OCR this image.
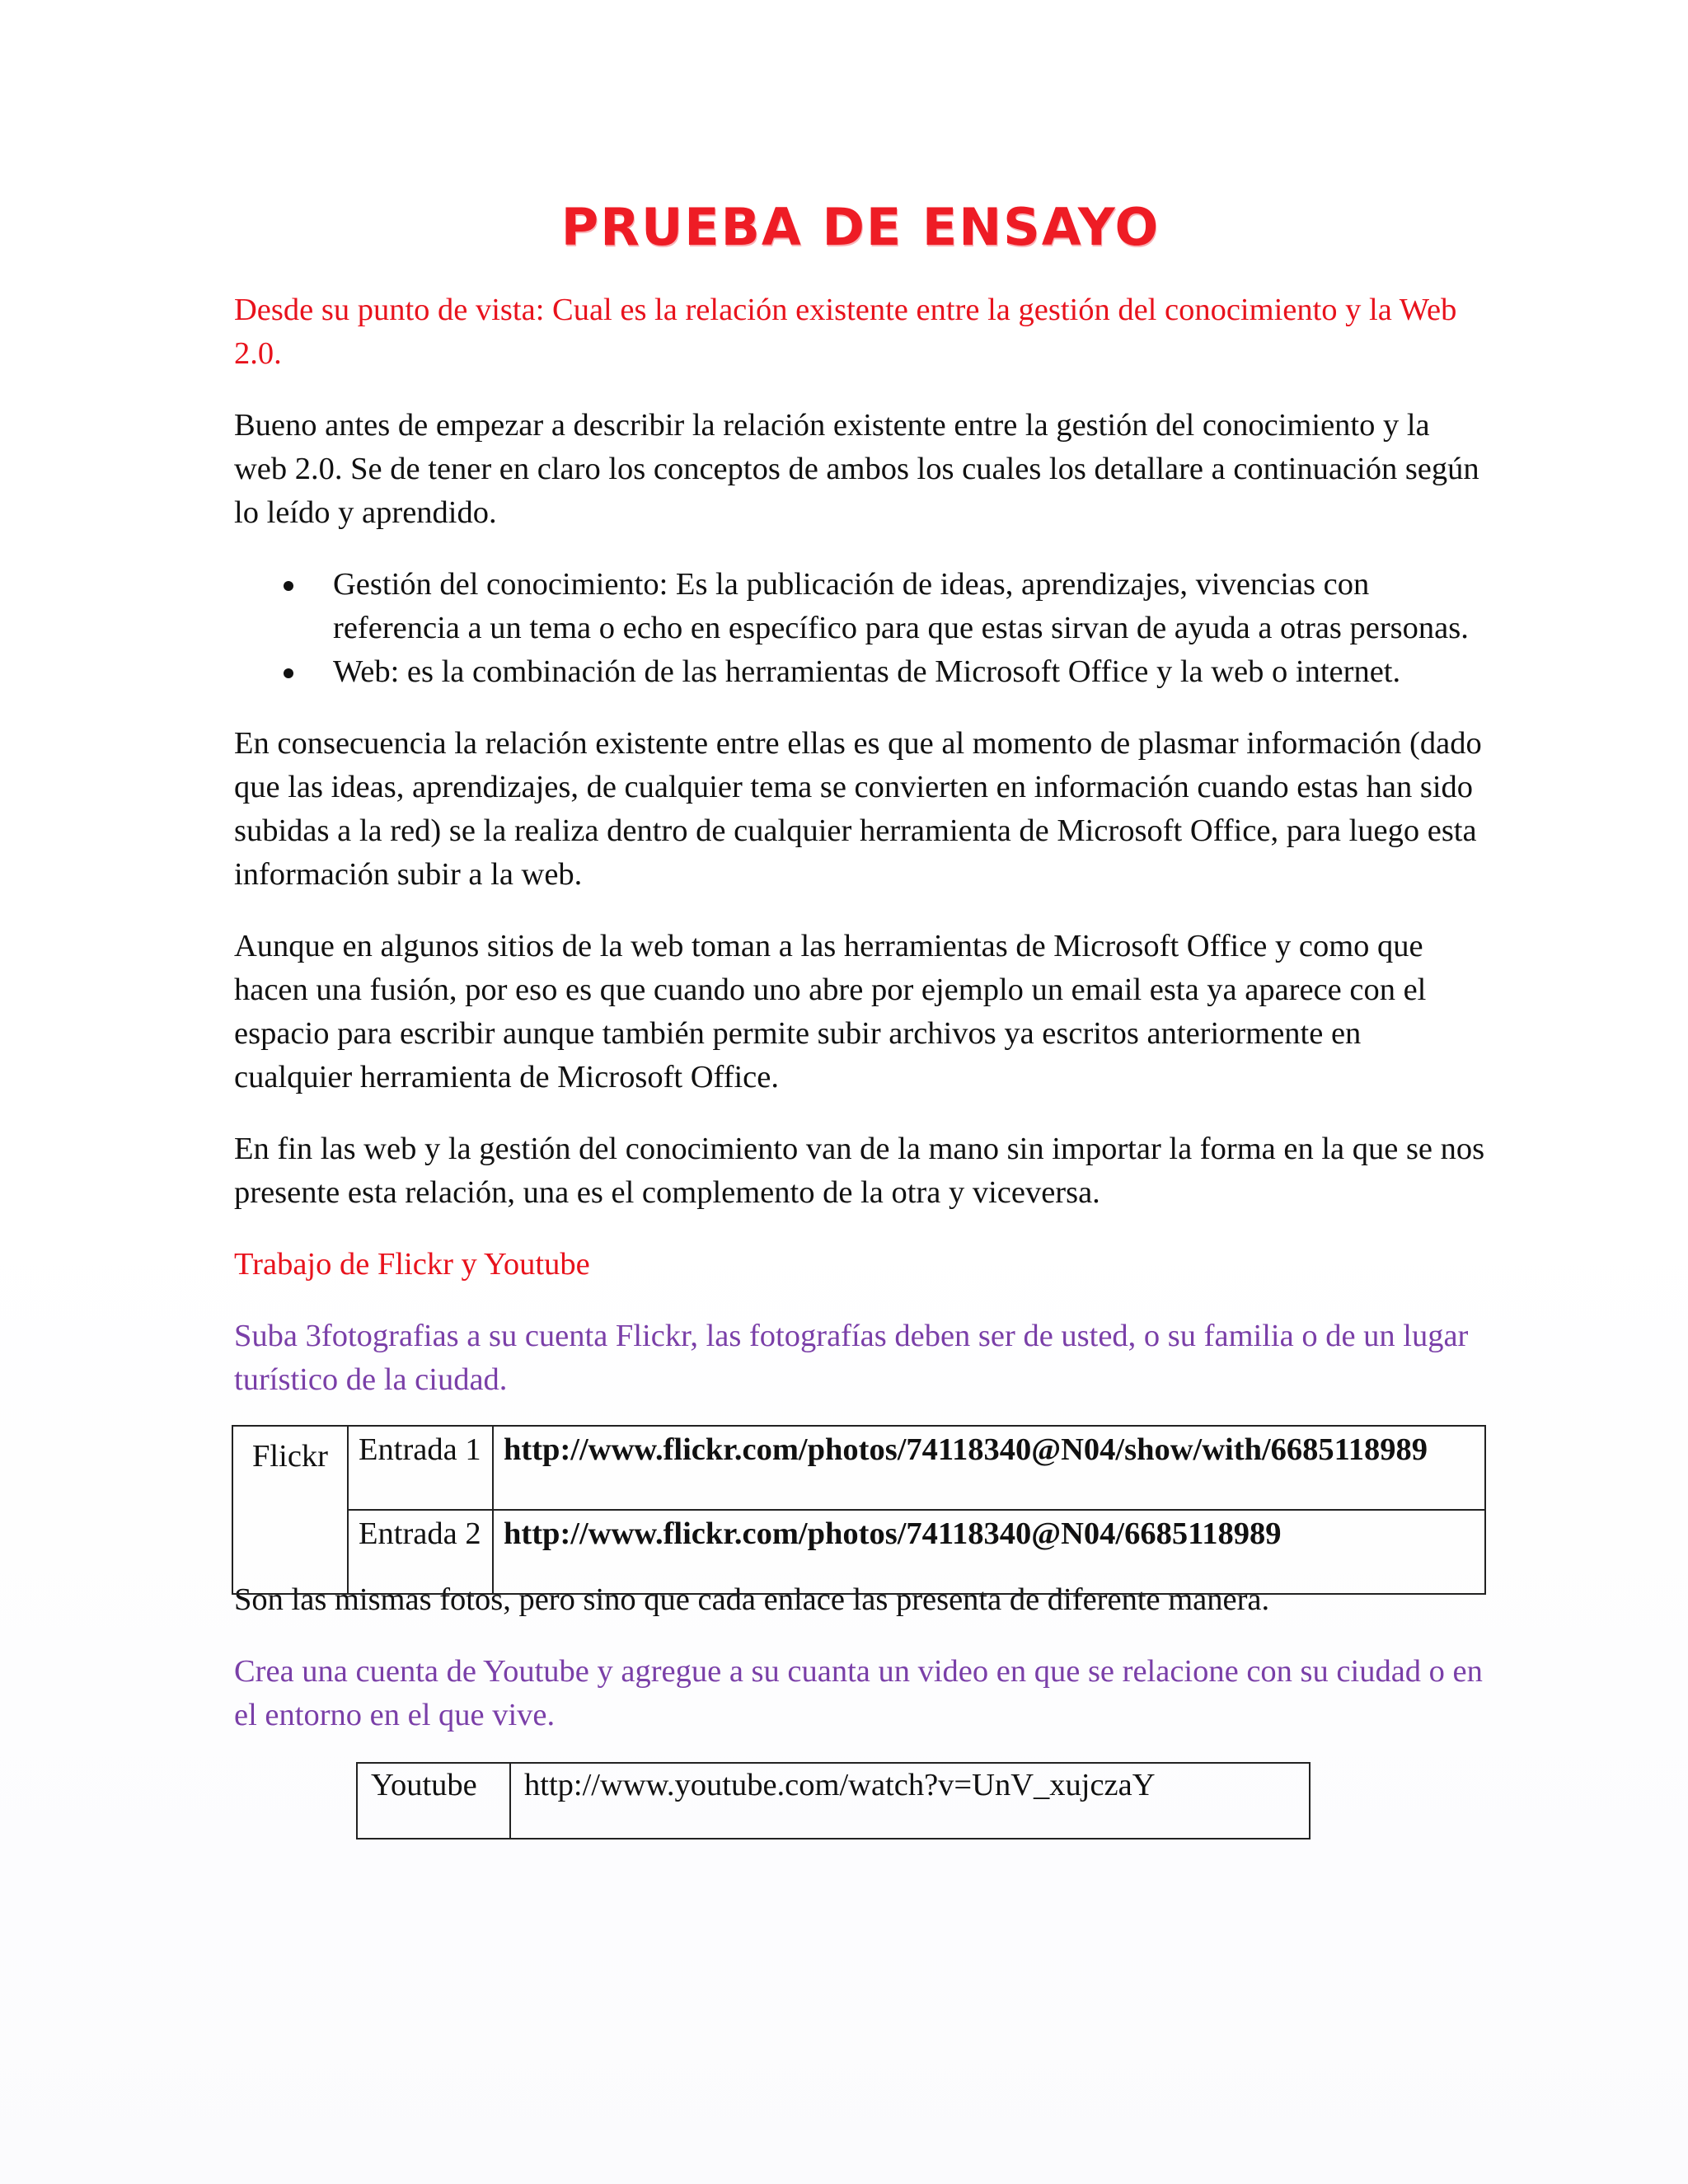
PRUEBA DE ENSAYO

Desde su punto de vista: Cual es la relación existente entre la gestión del conocimiento y la Web 2.0.

Bueno antes de empezar a describir la relación existente entre la gestión del conocimiento y la web 2.0. Se de tener en claro los conceptos de ambos los cuales los detallare a continuación según lo leído y aprendido.

Gestión del conocimiento: Es la publicación de ideas, aprendizajes, vivencias con referencia a un tema o echo en específico para que estas sirvan de ayuda a otras personas.
Web: es la combinación de las herramientas de Microsoft Office y la web o internet.

En consecuencia la relación existente entre ellas es que al momento de plasmar información (dado que las ideas, aprendizajes, de cualquier tema se convierten en información cuando estas han sido subidas a la red) se la realiza dentro de cualquier herramienta de Microsoft Office, para luego esta información subir a la web.

Aunque en algunos sitios de la web toman a las herramientas de Microsoft Office y como que hacen una fusión, por eso es que cuando uno abre por ejemplo un email esta ya aparece con el espacio para escribir aunque también permite subir archivos ya escritos anteriormente en cualquier herramienta de Microsoft Office.

En fin las web y la gestión del conocimiento van de la mano sin importar la forma en la que se nos presente esta relación, una es el complemento de la otra y viceversa.

Trabajo de Flickr y Youtube

Suba 3fotografias a su cuenta Flickr, las fotografías deben ser de usted, o su familia o de un lugar turístico de la ciudad.

Flickr	Entrada 1	http://www.flickr.com/photos/74118340@N04/show/with/6685118989
	Entrada 2	http://www.flickr.com/photos/74118340@N04/6685118989

Son las mismas fotos, pero sino que cada enlace las presenta de diferente manera.

Crea una cuenta de Youtube y agregue a su cuanta un video en que se relacione con su ciudad o en el entorno en el que vive.

Youtube	http://www.youtube.com/watch?v=UnV_xujczaY
